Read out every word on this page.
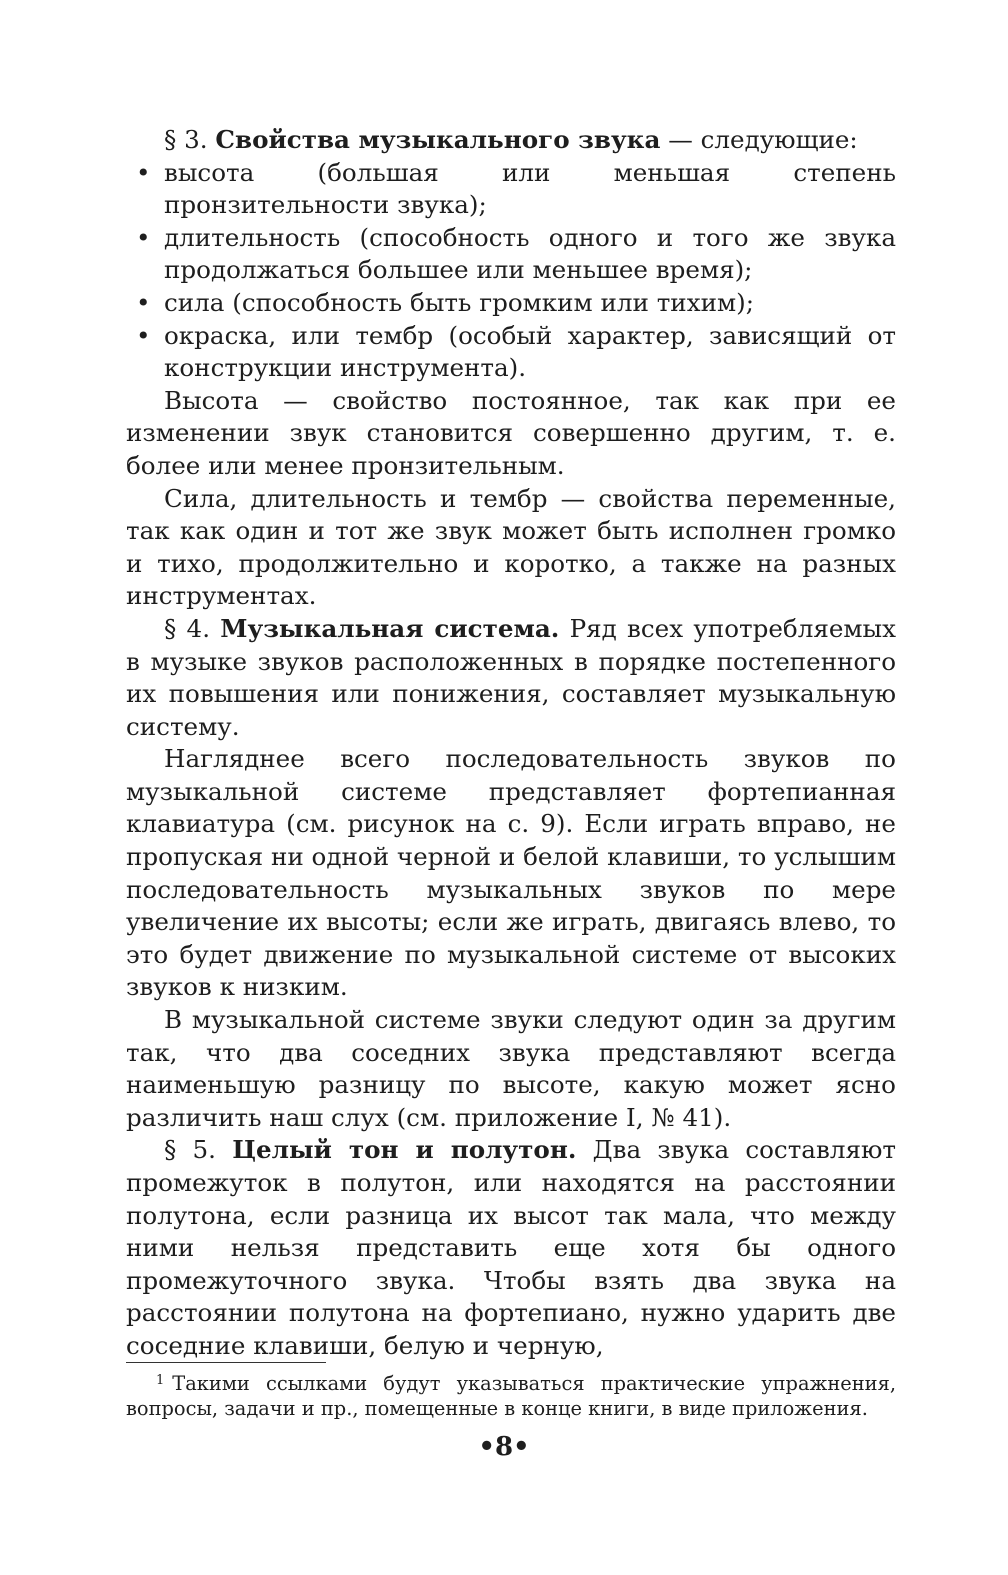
§ 3. Свойства музыкального звука — следующие:

• высота (большая или меньшая степень пронзительности звука);
• длительность (способность одного и того же звука продолжаться большее или меньшее время);
• сила (способность быть громким или тихим);
• окраска, или тембр (особый характер, зависящий от конструкции инструмента).

Высота — свойство постоянное, так как при ее изменении звук становится совершенно другим, т. е. более или менее пронзительным.

Сила, длительность и тембр — свойства переменные, так как один и тот же звук может быть исполнен громко и тихо, продолжительно и коротко, а также на разных инструментах.

§ 4. Музыкальная система. Ряд всех употребляемых в музыке звуков расположенных в порядке постепенного их повышения или понижения, составляет музыкальную систему.

Нагляднее всего последовательность звуков по музыкальной системе представляет фортепианная клавиатура (см. рисунок на с. 9). Если играть вправо, не пропуская ни одной черной и белой клавиши, то услышим последовательность музыкальных звуков по мере увеличение их высоты; если же играть, двигаясь влево, то это будет движение по музыкальной системе от высоких звуков к низким.

В музыкальной системе звуки следуют один за другим так, что два соседних звука представляют всегда наименьшую разницу по высоте, какую может ясно различить наш слух (см. приложение I, № 41).

§ 5. Целый тон и полутон. Два звука составляют промежуток в полутон, или находятся на расстоянии полутона, если разница их высот так мала, что между ними нельзя представить еще хотя бы одного промежуточного звука. Чтобы взять два звука на расстоянии полутона на фортепиано, нужно ударить две соседние клавиши, белую и черную,

$^1$ Такими ссылками будут указываться практические упражнения, вопросы, задачи и пр., помещенные в конце книги, в виде приложения.

•8•
